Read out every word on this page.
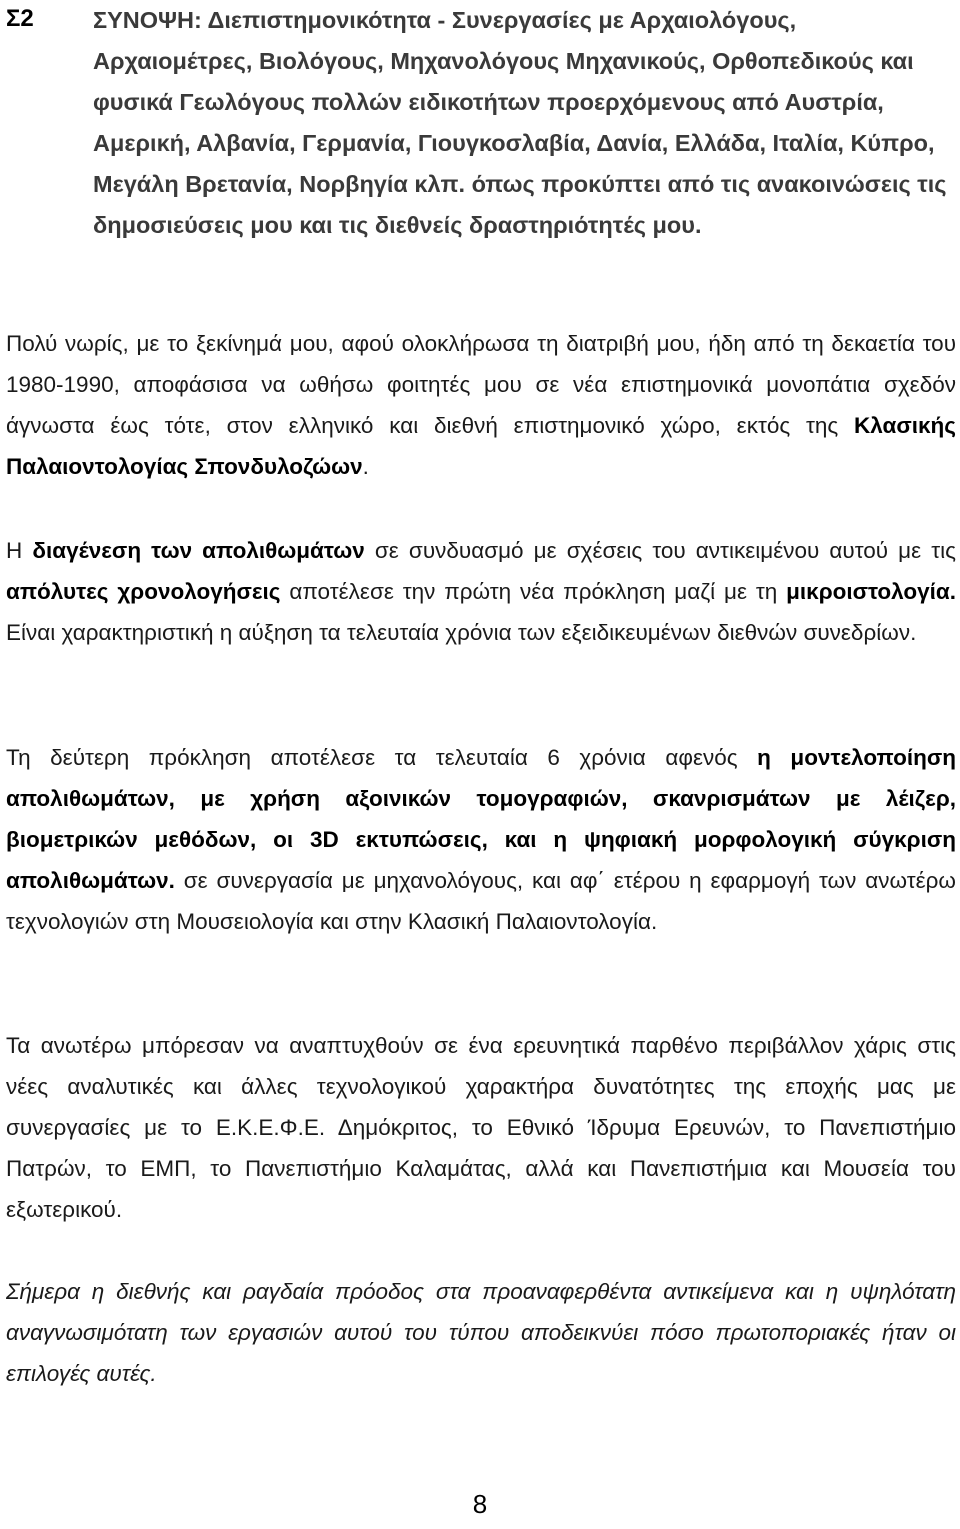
Σ2	ΣΥΝΟΨΗ: Διεπιστημονικότητα - Συνεργασίες με Αρχαιολόγους, Αρχαιομέτρες, Βιολόγους, Μηχανολόγους Μηχανικούς, Ορθοπεδικούς και φυσικά Γεωλόγους πολλών ειδικοτήτων προερχόμενους από Αυστρία, Αμερική, Αλβανία, Γερμανία, Γιουγκοσλαβία, Δανία, Ελλάδα, Ιταλία, Κύπρο, Μεγάλη Βρετανία, Νορβηγία κλπ. όπως προκύπτει από τις ανακοινώσεις τις δημοσιεύσεις μου και τις διεθνείς δραστηριότητές μου.

Πολύ νωρίς, με το ξεκίνημά μου, αφού ολοκλήρωσα τη διατριβή μου, ήδη από τη δεκαετία του 1980-1990, αποφάσισα να ωθήσω φοιτητές μου σε νέα επιστημονικά μονοπάτια σχεδόν άγνωστα έως τότε, στον ελληνικό και διεθνή επιστημονικό χώρο, εκτός της Κλασικής Παλαιοντολογίας Σπονδυλοζώων.

Η διαγένεση των απολιθωμάτων σε συνδυασμό με σχέσεις του αντικειμένου αυτού με τις απόλυτες χρονολογήσεις αποτέλεσε την πρώτη νέα πρόκληση μαζί με τη μικροιστολογία. Είναι χαρακτηριστική η αύξηση τα τελευταία χρόνια των εξειδικευμένων διεθνών συνεδρίων.

Τη δεύτερη πρόκληση αποτέλεσε τα τελευταία 6 χρόνια αφενός η μοντελοποίηση απολιθωμάτων, με χρήση αξοινικών τομογραφιών, σκανρισμάτων με λέιζερ, βιομετρικών μεθόδων, οι 3D εκτυπώσεις, και η ψηφιακή μορφολογική σύγκριση απολιθωμάτων. σε συνεργασία με μηχανολόγους, και αφ΄ ετέρου η εφαρμογή των ανωτέρω τεχνολογιών στη Μουσειολογία και στην Κλασική Παλαιοντολογία.

Τα ανωτέρω μπόρεσαν να αναπτυχθούν σε ένα ερευνητικά παρθένο περιβάλλον χάρις στις νέες αναλυτικές και άλλες τεχνολογικού χαρακτήρα δυνατότητες της εποχής μας με συνεργασίες με το Ε.Κ.Ε.Φ.Ε. Δημόκριτος, το Εθνικό Ίδρυμα Ερευνών, το Πανεπιστήμιο Πατρών, το ΕΜΠ, το Πανεπιστήμιο Καλαμάτας, αλλά και Πανεπιστήμια και Μουσεία του εξωτερικού.

Σήμερα η διεθνής και ραγδαία πρόοδος στα προαναφερθέντα αντικείμενα και η υψηλότατη αναγνωσιμότατη των εργασιών αυτού του τύπου αποδεικνύει πόσο πρωτοποριακές ήταν οι επιλογές αυτές.

8
